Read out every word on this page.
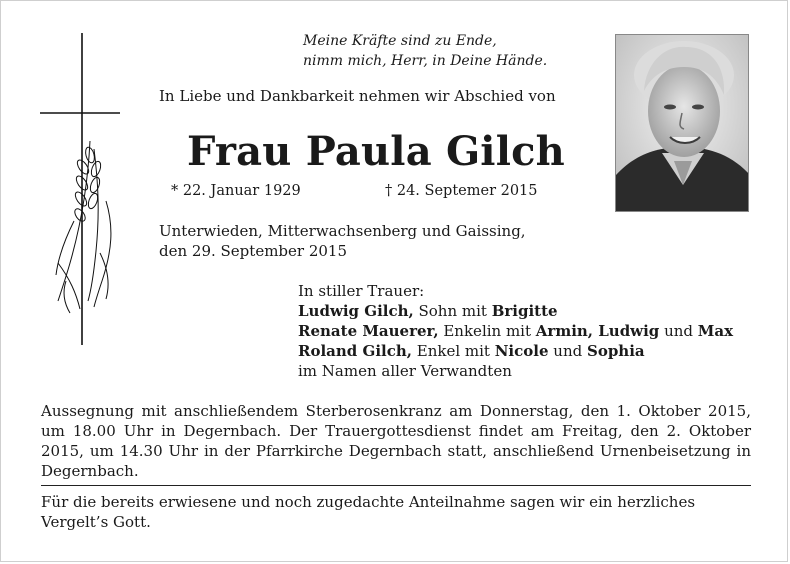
Meine Kräfte sind zu Ende,
nimm mich, Herr, in Deine Hände.
In Liebe und Dankbarkeit nehmen wir Abschied von
Frau Paula Gilch
* 22. Januar 1929	† 24. Septemer 2015
Unterwieden, Mitterwachsenberg und Gaissing,
den 29. September 2015
In stiller Trauer:
Ludwig Gilch, Sohn mit Brigitte
Renate Mauerer, Enkelin mit Armin, Ludwig und Max
Roland Gilch, Enkel mit Nicole und Sophia
im Namen aller Verwandten
Aussegnung mit anschließendem Sterberosenkranz am Donnerstag, den 1. Oktober 2015, um 18.00 Uhr in Degernbach. Der Trauergottesdienst findet am Freitag, den 2. Oktober 2015, um 14.30 Uhr in der Pfarrkirche Degernbach statt, anschließend Urnenbeisetzung in Degernbach.
Für die bereits erwiesene und noch zugedachte Anteilnahme sagen wir ein herzliches Vergelt’s Gott.
